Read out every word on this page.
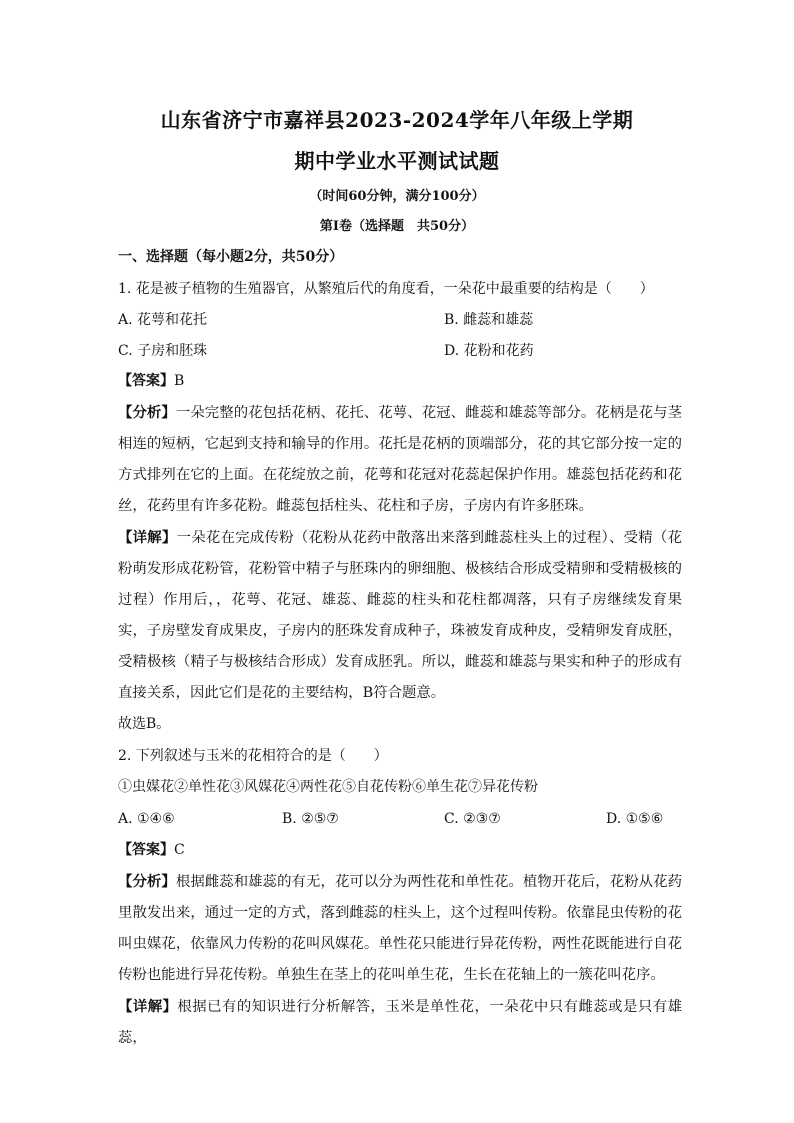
山东省济宁市嘉祥县2023-2024学年八年级上学期
期中学业水平测试试题
（时间60分钟，满分100分）
第Ⅰ卷（选择题　共50分）
一、选择题（每小题2分，共50分）
1. 花是被子植物的生殖器官，从繁殖后代的角度看，一朵花中最重要的结构是（　　）
A. 花萼和花托	B. 雌蕊和雄蕊
C. 子房和胚珠	D. 花粉和花药
【答案】B
【分析】一朵完整的花包括花柄、花托、花萼、花冠、雌蕊和雄蕊等部分。花柄是花与茎相连的短柄，它起到支持和输导的作用。花托是花柄的顶端部分，花的其它部分按一定的方式排列在它的上面。在花绽放之前，花萼和花冠对花蕊起保护作用。雄蕊包括花药和花丝，花药里有许多花粉。雌蕊包括柱头、花柱和子房，子房内有许多胚珠。
【详解】一朵花在完成传粉（花粉从花药中散落出来落到雌蕊柱头上的过程）、受精（花粉萌发形成花粉管，花粉管中精子与胚珠内的卵细胞、极核结合形成受精卵和受精极核的过程）作用后，，花萼、花冠、雄蕊、雌蕊的柱头和花柱都凋落，只有子房继续发育果实，子房壁发育成果皮，子房内的胚珠发育成种子，珠被发育成种皮，受精卵发育成胚，受精极核（精子与极核结合形成）发育成胚乳。所以，雌蕊和雄蕊与果实和种子的形成有直接关系，因此它们是花的主要结构，B符合题意。
故选B。
2. 下列叙述与玉米的花相符合的是（　　）
①虫媒花②单性花③风媒花④两性花⑤自花传粉⑥单生花⑦异花传粉
A. ①④⑥	B. ②⑤⑦	C. ②③⑦	D. ①⑤⑥
【答案】C
【分析】根据雌蕊和雄蕊的有无，花可以分为两性花和单性花。植物开花后，花粉从花药里散发出来，通过一定的方式，落到雌蕊的柱头上，这个过程叫传粉。依靠昆虫传粉的花叫虫媒花，依靠风力传粉的花叫风媒花。单性花只能进行异花传粉，两性花既能进行自花传粉也能进行异花传粉。单独生在茎上的花叫单生花，生长在花轴上的一簇花叫花序。
【详解】根据已有的知识进行分析解答，玉米是单性花，一朵花中只有雌蕊或是只有雄蕊，
